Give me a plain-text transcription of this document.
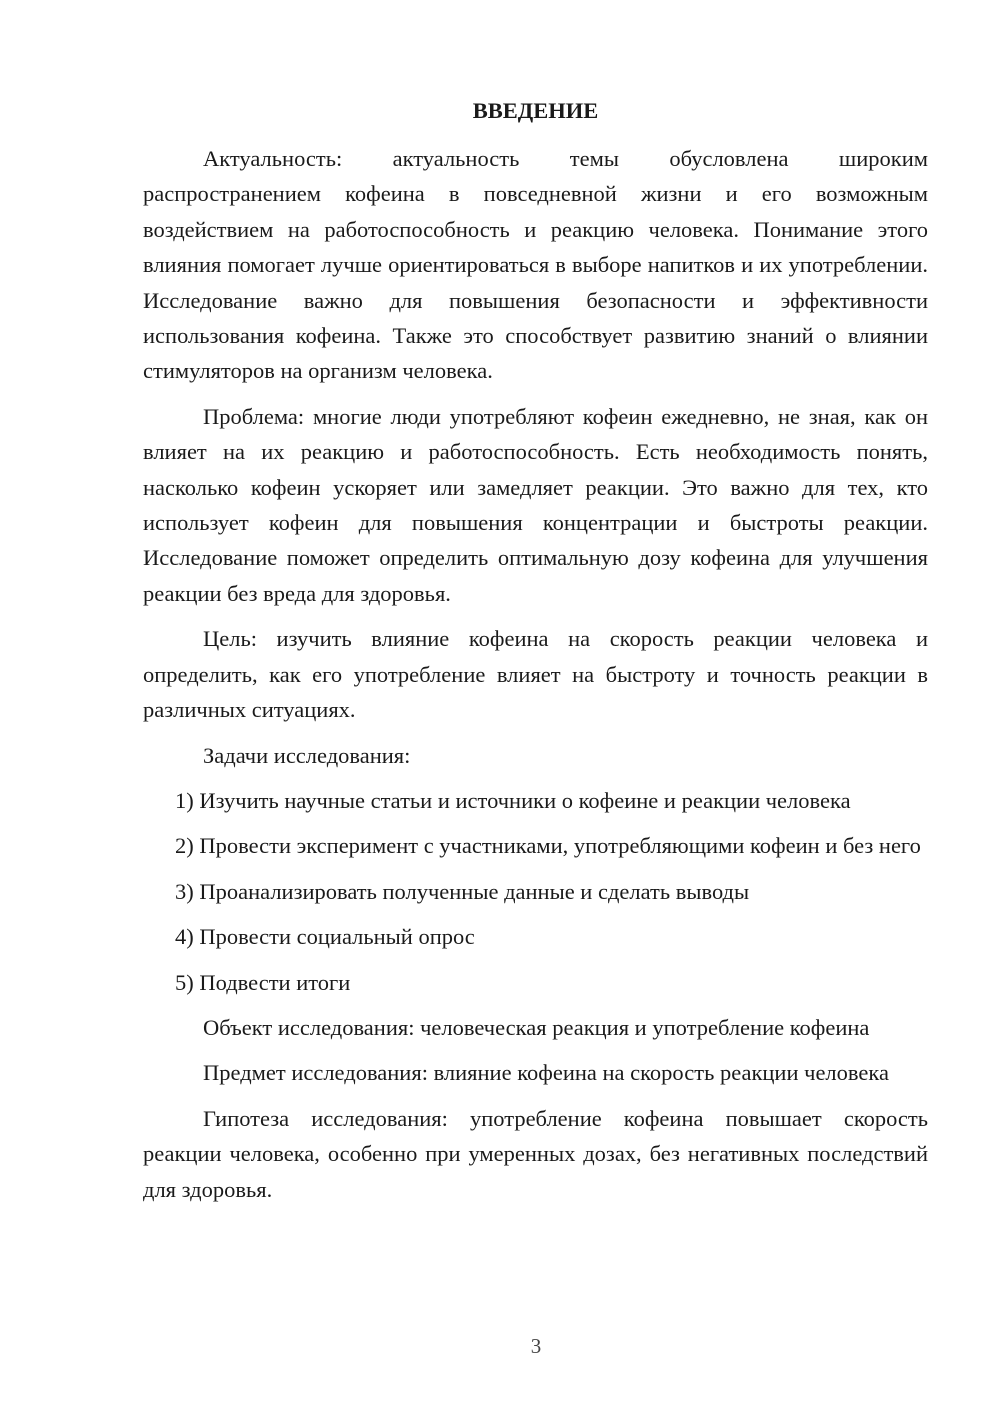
ВВЕДЕНИЕ

Актуальность: актуальность темы обусловлена широким распространением кофеина в повседневной жизни и его возможным воздействием на работоспособность и реакцию человека. Понимание этого влияния помогает лучше ориентироваться в выборе напитков и их употреблении. Исследование важно для повышения безопасности и эффективности использования кофеина. Также это способствует развитию знаний о влиянии стимуляторов на организм человека.

Проблема: многие люди употребляют кофеин ежедневно, не зная, как он влияет на их реакцию и работоспособность. Есть необходимость понять, насколько кофеин ускоряет или замедляет реакции. Это важно для тех, кто использует кофеин для повышения концентрации и быстроты реакции. Исследование поможет определить оптимальную дозу кофеина для улучшения реакции без вреда для здоровья.

Цель: изучить влияние кофеина на скорость реакции человека и определить, как его употребление влияет на быстроту и точность реакции в различных ситуациях.

Задачи исследования:

1) Изучить научные статьи и источники о кофеине и реакции человека

2) Провести эксперимент с участниками, употребляющими кофеин и без него

3) Проанализировать полученные данные и сделать выводы

4) Провести социальный опрос

5) Подвести итоги

Объект исследования: человеческая реакция и употребление кофеина

Предмет исследования: влияние кофеина на скорость реакции человека

Гипотеза исследования: употребление кофеина повышает скорость реакции человека, особенно при умеренных дозах, без негативных последствий для здоровья.

3
